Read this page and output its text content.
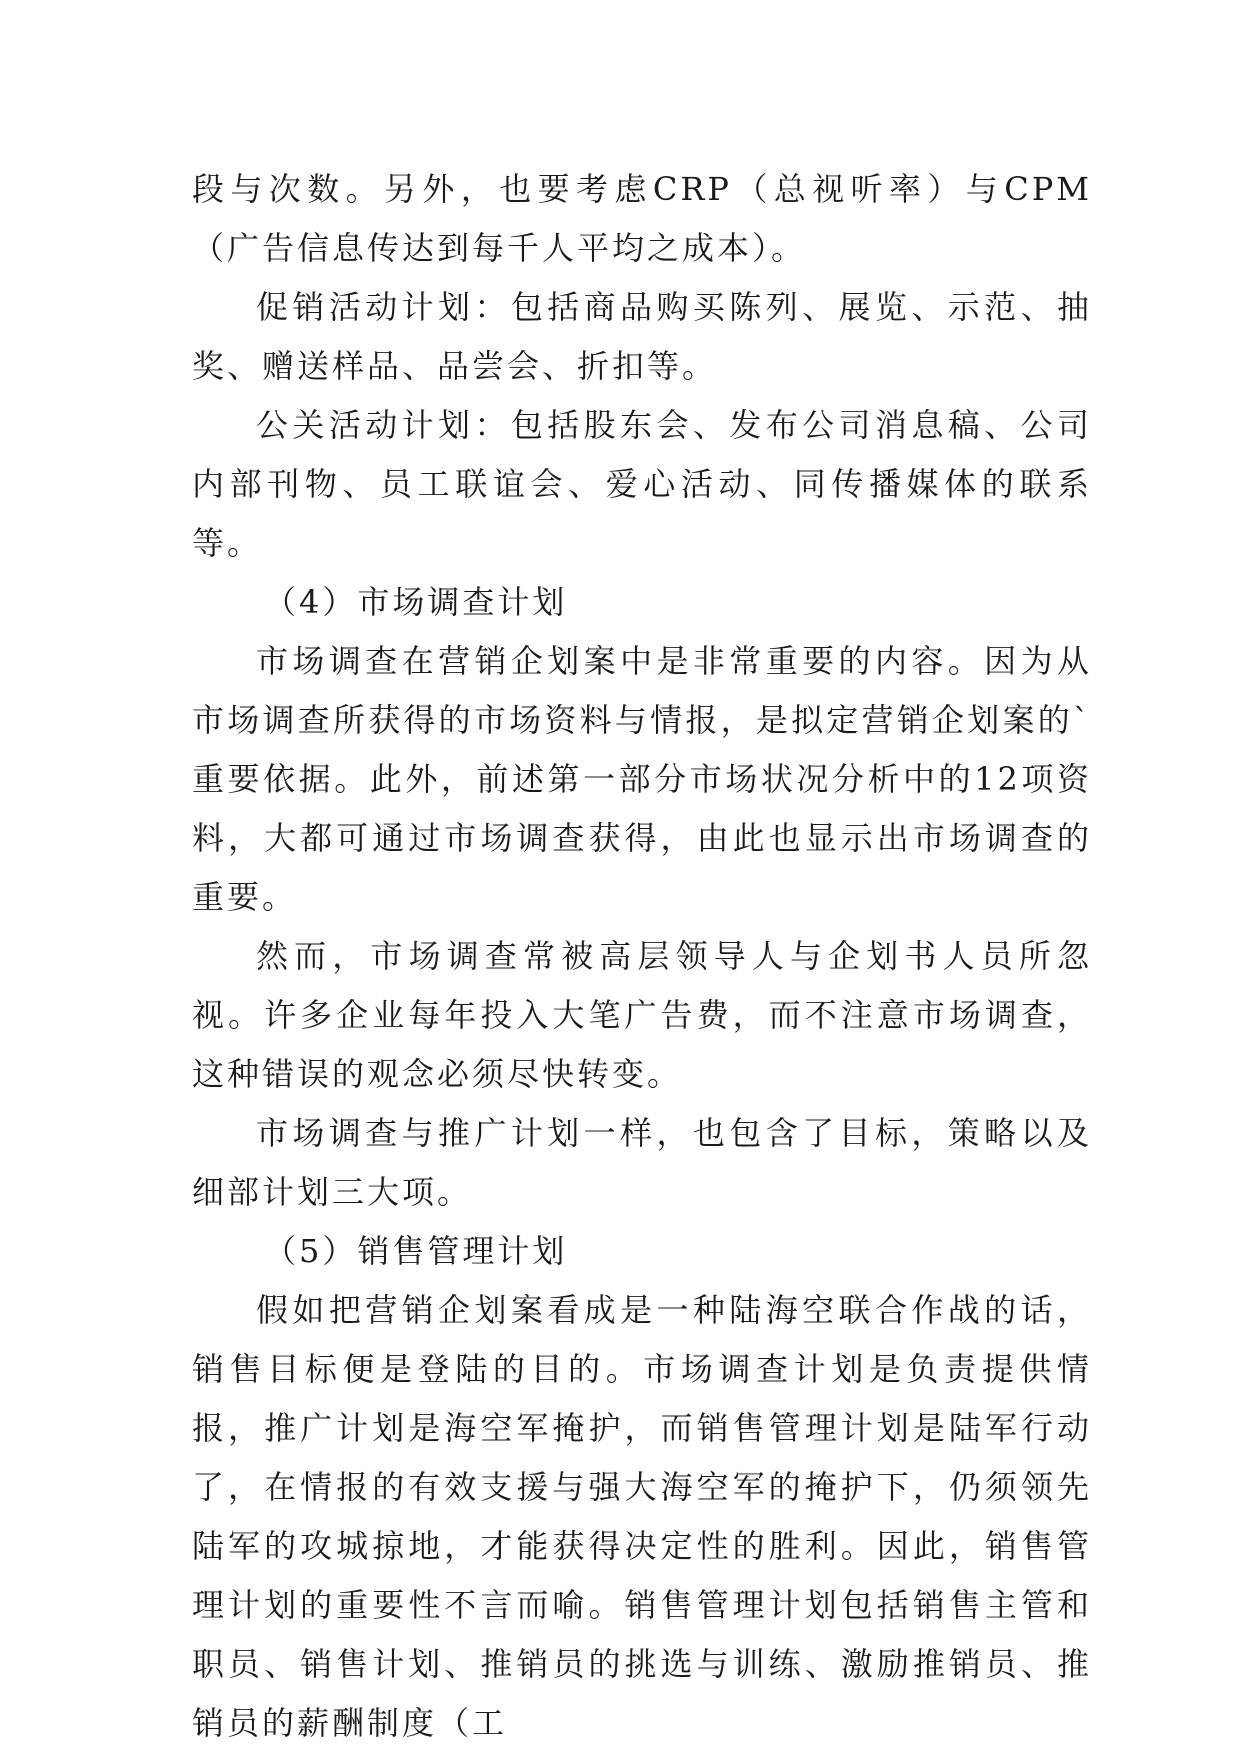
段与次数。另外，也要考虑CRP（总视听率）与CPM（广告信息传达到每千人平均之成本）。

促销活动计划：包括商品购买陈列、展览、示范、抽奖、赠送样品、品尝会、折扣等。

公关活动计划：包括股东会、发布公司消息稿、公司内部刊物、员工联谊会、爱心活动、同传播媒体的联系等。

（4）市场调查计划

市场调查在营销企划案中是非常重要的内容。因为从市场调查所获得的市场资料与情报，是拟定营销企划案的`重要依据。此外，前述第一部分市场状况分析中的12项资料，大都可通过市场调查获得，由此也显示出市场调查的重要。

然而，市场调查常被高层领导人与企划书人员所忽视。许多企业每年投入大笔广告费，而不注意市场调查，这种错误的观念必须尽快转变。

市场调查与推广计划一样，也包含了目标，策略以及细部计划三大项。

（5）销售管理计划

假如把营销企划案看成是一种陆海空联合作战的话，销售目标便是登陆的目的。市场调查计划是负责提供情报，推广计划是海空军掩护，而销售管理计划是陆军行动了，在情报的有效支援与强大海空军的掩护下，仍须领先陆军的攻城掠地，才能获得决定性的胜利。因此，销售管理计划的重要性不言而喻。销售管理计划包括销售主管和职员、销售计划、推销员的挑选与训练、激励推销员、推销员的薪酬制度（工
